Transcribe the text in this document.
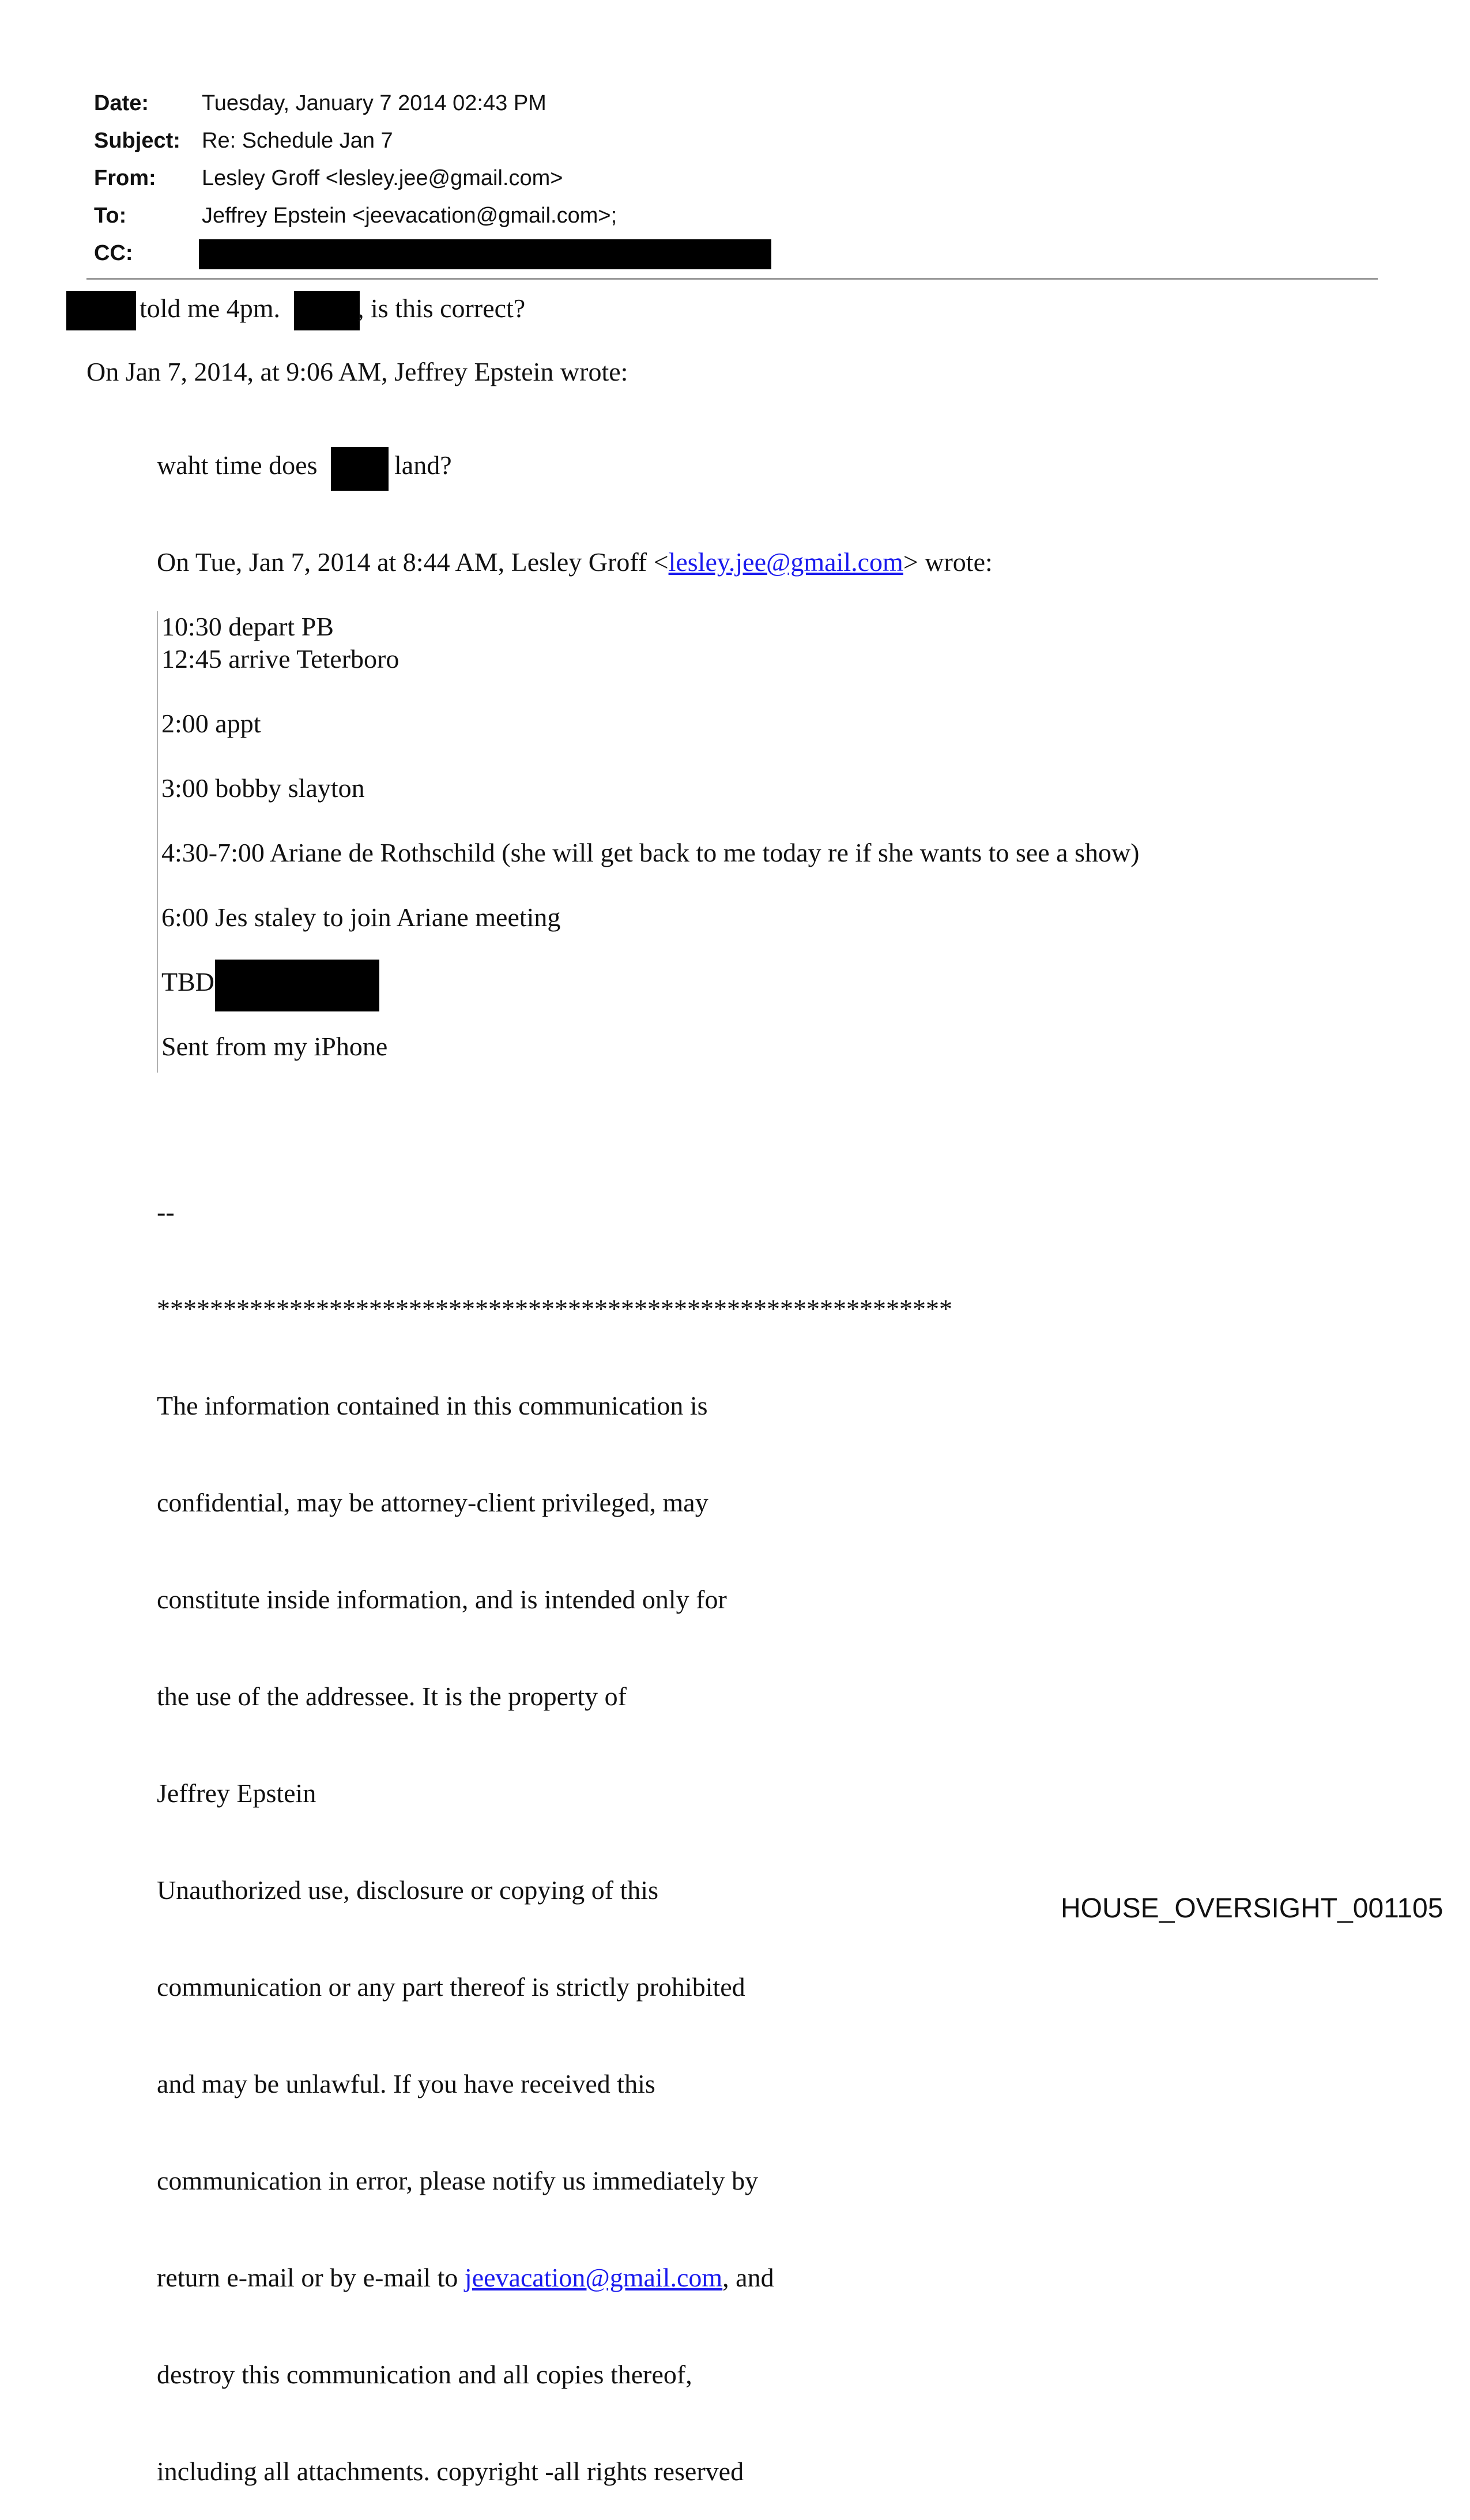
Date: Tuesday, January 7 2014 02:43 PM
Subject: Re: Schedule Jan 7
From: Lesley Groff <lesley.jee@gmail.com>
To:	Jeffrey Epstein <jeevacation@gmail.com>;
CC:
told me 4pm.	, is this correct?
On Jan 7, 2014, at 9:06 AM, Jeffrey Epstein wrote:
waht time does	land?
On Tue, Jan 7, 2014 at 8:44 AM, Lesley Groff <lesley.jee@gmail.com> wrote:
10:30 depart PB
12:45 arrive Teterboro
2:00 appt
3:00 bobby slayton
4:30-7:00 Ariane de Rothschild (she will get back to me today re if she wants to see a show)
6:00 Jes staley to join Ariane meeting
TBD
Sent from my iPhone

--

************************************************************

The information contained in this communication is

confidential, may be attorney-client privileged, may

constitute inside information, and is intended only for

the use of the addressee. It is the property of

Jeffrey Epstein

Unauthorized use, disclosure or copying of this

communication or any part thereof is strictly prohibited

and may be unlawful. If you have received this

communication in error, please notify us immediately by

return e-mail or by e-mail to jeevacation@gmail.com, and

destroy this communication and all copies thereof,

including all attachments. copyright -all rights reserved

HOUSE_OVERSIGHT_001105
